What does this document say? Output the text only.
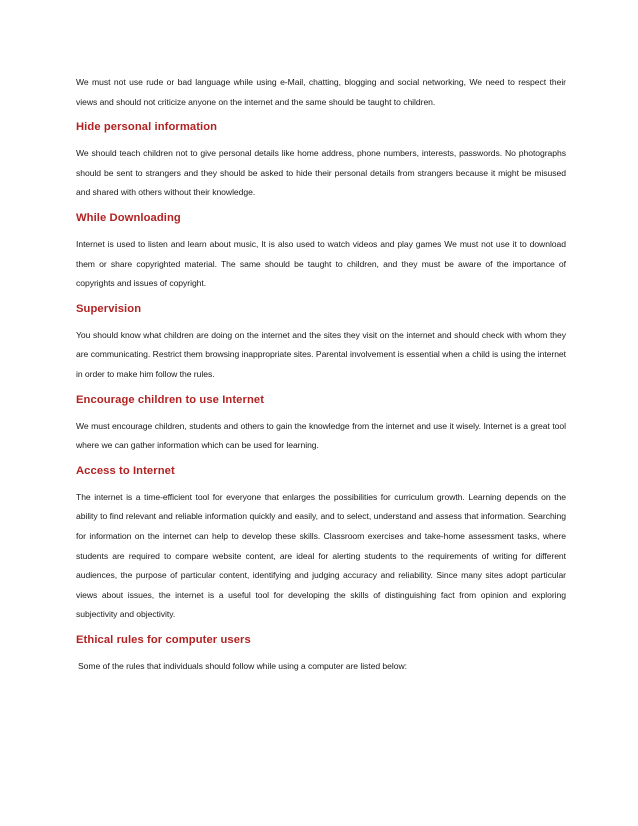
We must not use rude or bad language while using e-Mail, chatting, blogging and social networking, We need to respect their views and should not criticize anyone on the internet and the same should be taught to children.

Hide personal information

We should teach children not to give personal details like home address, phone numbers, interests, passwords. No photographs should be sent to strangers and they should be asked to hide their personal details from strangers because it might be misused and shared with others without their knowledge.

While Downloading

Internet is used to listen and learn about music, It is also used to watch videos and play games We must not use it to download them or share copyrighted material. The same should be taught to children, and they must be aware of the importance of copyrights and issues of copyright.

Supervision

You should know what children are doing on the internet and the sites they visit on the internet and should check with whom they are communicating. Restrict them browsing inappropriate sites. Parental involvement is essential when a child is using the internet in order to make him follow the rules.

Encourage children to use Internet

We must encourage children, students and others to gain the knowledge from the internet and use it wisely. Internet is a great tool where we can gather information which can be used for learning.

Access to Internet

The internet is a time-efficient tool for everyone that enlarges the possibilities for curriculum growth. Learning depends on the ability to find relevant and reliable information quickly and easily, and to select, understand and assess that information. Searching for information on the internet can help to develop these skills. Classroom exercises and take-home assessment tasks, where students are required to compare website content, are ideal for alerting students to the requirements of writing for different audiences, the purpose of particular content, identifying and judging accuracy and reliability. Since many sites adopt particular views about issues, the internet is a useful tool for developing the skills of distinguishing fact from opinion and exploring subjectivity and objectivity.

Ethical rules for computer users

Some of the rules that individuals should follow while using a computer are listed below:
